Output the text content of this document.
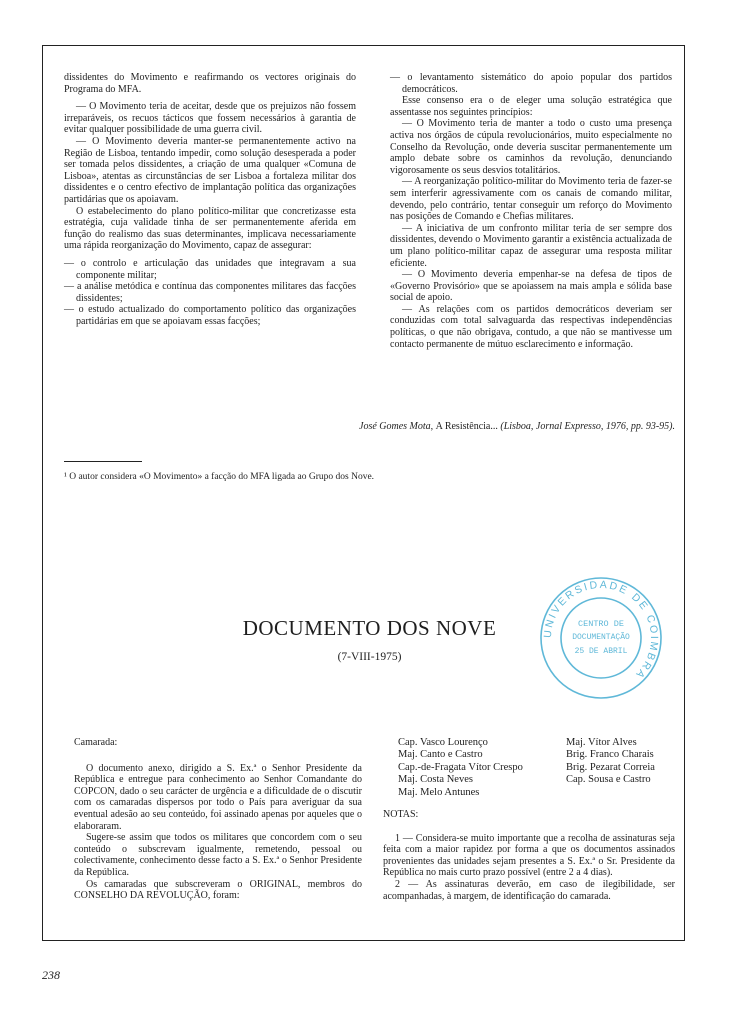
dissidentes do Movimento e reafirmando os vectores originais do Programa do MFA.

— O Movimento teria de aceitar, desde que os prejuizos não fossem irreparáveis, os recuos tácticos que fossem necessários à garantia de evitar qualquer possibilidade de uma guerra civil.

— O Movimento deveria manter-se permanentemente activo na Região de Lisboa, tentando impedir, como solução desesperada a poder ser tomada pelos dissidentes, a criação de uma qualquer «Comuna de Lisboa», atentas as circunstâncias de ser Lisboa a fortaleza militar dos dissidentes e o centro efectivo de implantação política das organizações partidárias que os apoiavam.

O estabelecimento do plano político-militar que concretizasse esta estratégia, cuja validade tinha de ser permanentemente aferida em função do realismo das suas determinantes, implicava necessariamente uma rápida reorganização do Movimento, capaz de assegurar:

— o controlo e articulação das unidades que integravam a sua componente militar;

— a análise metódica e contínua das componentes militares das facções dissidentes;

— o estudo actualizado do comportamento político das organizações partidárias em que se apoiavam essas facções;

— o levantamento sistemático do apoio popular dos partidos democráticos.

Esse consenso era o de eleger uma solução estratégica que assentasse nos seguintes princípios:

— O Movimento teria de manter a todo o custo uma presença activa nos órgãos de cúpula revolucionários, muito especialmente no Conselho da Revolução, onde deveria suscitar permanentemente um amplo debate sobre os caminhos da revolução, denunciando vigorosamente os seus desvios totalitários.

— A reorganização político-militar do Movimento teria de fazer-se sem interferir agressivamente com os canais de comando militar, devendo, pelo contrário, tentar conseguir um reforço do Movimento nas posições de Comando e Chefias militares.

— A iniciativa de um confronto militar teria de ser sempre dos dissidentes, devendo o Movimento garantir a existência actualizada de um plano político-militar capaz de assegurar uma resposta militar eficiente.

— O Movimento deveria empenhar-se na defesa de tipos de «Governo Provisório» que se apoiassem na mais ampla e sólida base social de apoio.

— As relações com os partidos democráticos deveriam ser conduzidas com total salvaguarda das respectivas independências políticas, o que não obrigava, contudo, a que não se mantivesse um contacto permanente de mútuo esclarecimento e informação.

José Gomes Mota, A Resistência... (Lisboa, Jornal Expresso, 1976, pp. 93-95).
¹ O autor considera «O Movimento» a facção do MFA ligada ao Grupo dos Nove.
DOCUMENTO DOS NOVE
(7-VIII-1975)
UNIVERSIDADE DE COIMBRA
CENTRO DE
DOCUMENTAÇÃO
25 DE ABRIL

Camarada:

O documento anexo, dirigido a S. Ex.ª o Senhor Presidente da República e entregue para conhecimento ao Senhor Comandante do COPCON, dado o seu carácter de urgência e a dificuldade de o discutir com os camaradas dispersos por todo o País para averiguar da sua eventual adesão ao seu conteúdo, foi assinado apenas por aqueles que o elaboraram.

Sugere-se assim que todos os militares que concordem com o seu conteúdo o subscrevam igualmente, remetendo, pessoal ou colectivamente, conhecimento desse facto a S. Ex.ª o Senhor Presidente da República.

Os camaradas que subscreveram o ORIGINAL, membros do CONSELHO DA REVOLUÇÃO, foram:

Cap. Vasco Lourenço
Maj. Canto e Castro
Cap.-de-Fragata Vítor Crespo
Maj. Costa Neves
Maj. Melo Antunes
Maj. Vítor Alves
Brig. Franco Charais
Brig. Pezarat Correia
Cap. Sousa e Castro

NOTAS:

1 — Considera-se muito importante que a recolha de assinaturas seja feita com a maior rapidez por forma a que os documentos assinados provenientes das unidades sejam presentes a S. Ex.ª o Sr. Presidente da República no mais curto prazo possível (entre 2 a 4 dias).

2 — As assinaturas deverão, em caso de ilegibilidade, ser acompanhadas, à margem, de identificação do camarada.

238
